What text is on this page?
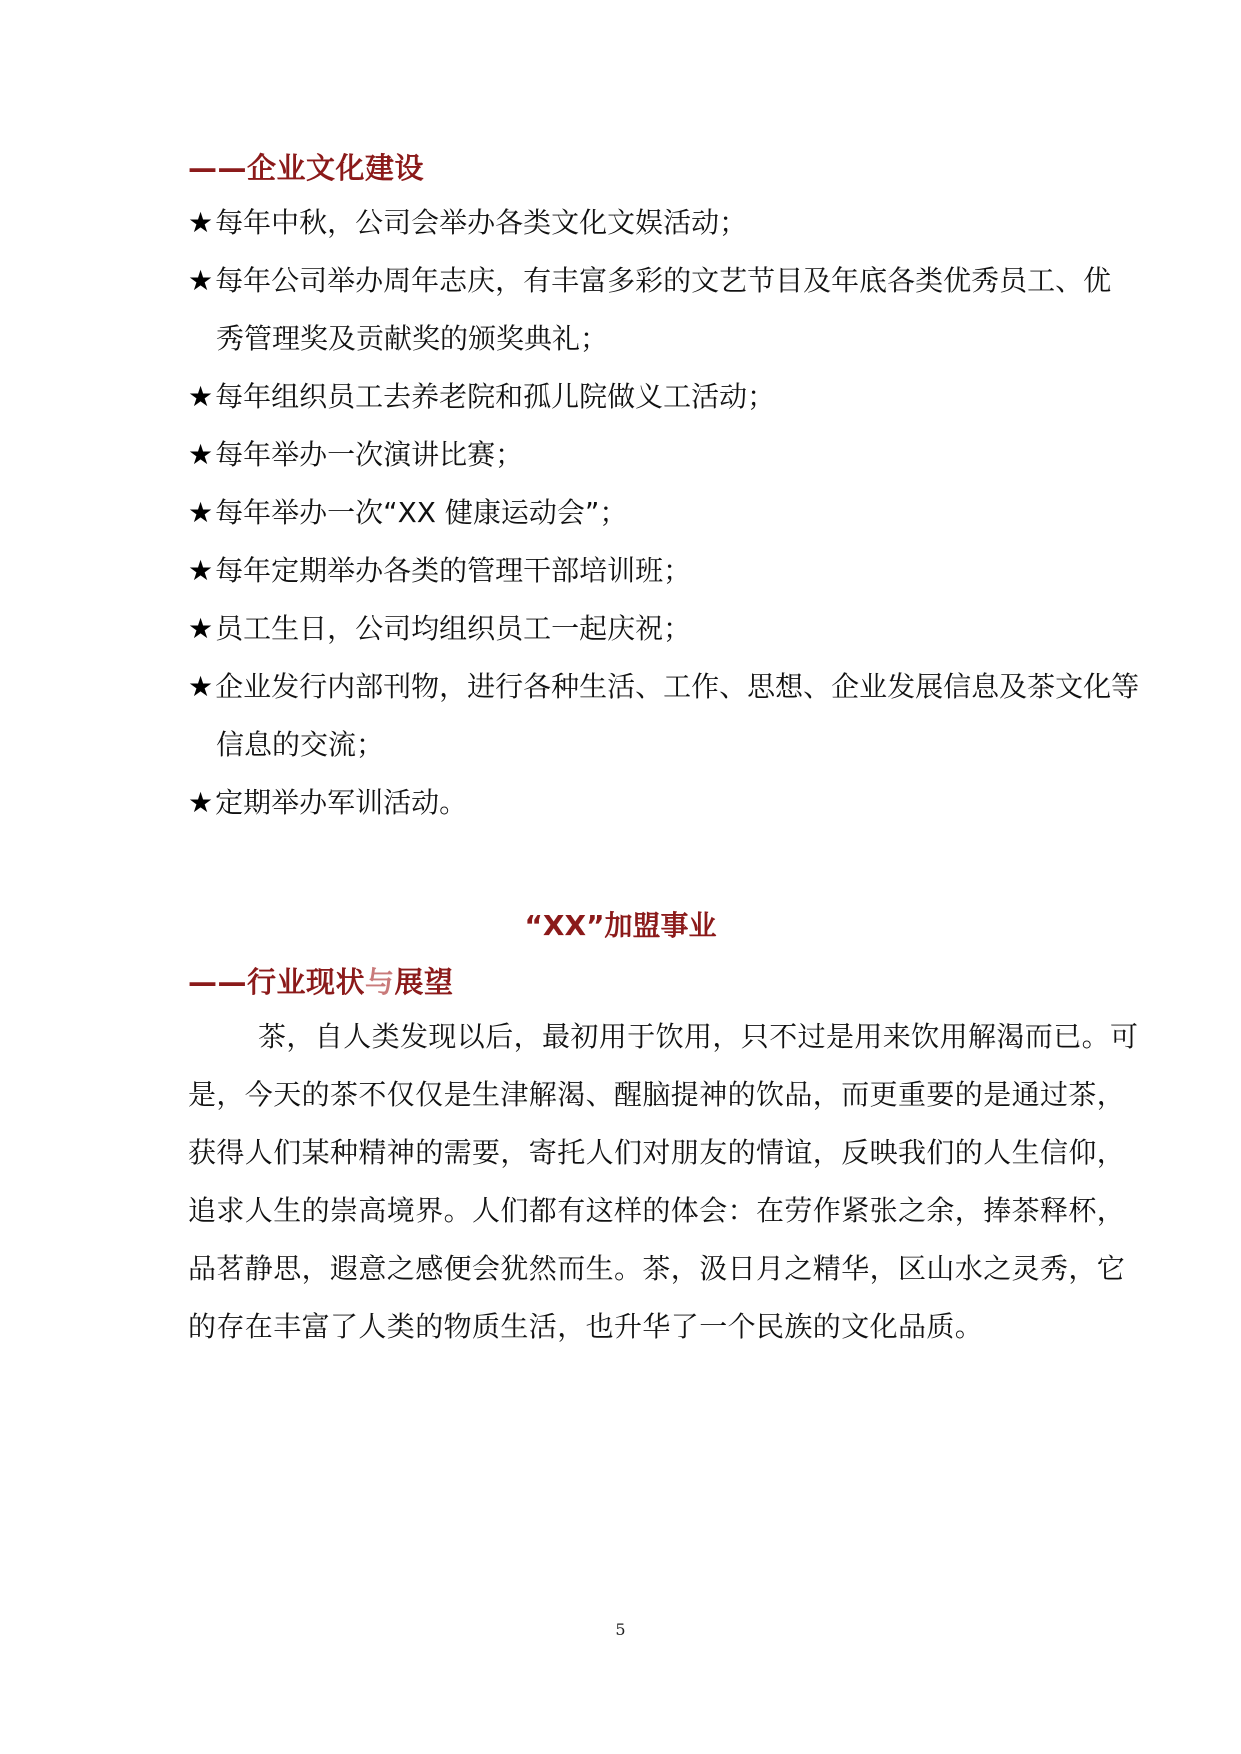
——企业文化建设
★每年中秋，公司会举办各类文化文娱活动；
★每年公司举办周年志庆，有丰富多彩的文艺节目及年底各类优秀员工、优
秀管理奖及贡献奖的颁奖典礼；
★每年组织员工去养老院和孤儿院做义工活动；
★每年举办一次演讲比赛；
★每年举办一次“XX 健康运动会”；
★每年定期举办各类的管理干部培训班；
★员工生日，公司均组织员工一起庆祝；
★企业发行内部刊物，进行各种生活、工作、思想、企业发展信息及茶文化等
信息的交流；
★定期举办军训活动。
“XX”加盟事业
——行业现状与展望
茶，自人类发现以后，最初用于饮用，只不过是用来饮用解渴而已。可
是，今天的茶不仅仅是生津解渴、醒脑提神的饮品，而更重要的是通过茶，
获得人们某种精神的需要，寄托人们对朋友的情谊，反映我们的人生信仰，
追求人生的崇高境界。人们都有这样的体会：在劳作紧张之余，捧茶释杯，
品茗静思，遐意之感便会犹然而生。茶，汲日月之精华，区山水之灵秀，它
的存在丰富了人类的物质生活，也升华了一个民族的文化品质。
5
